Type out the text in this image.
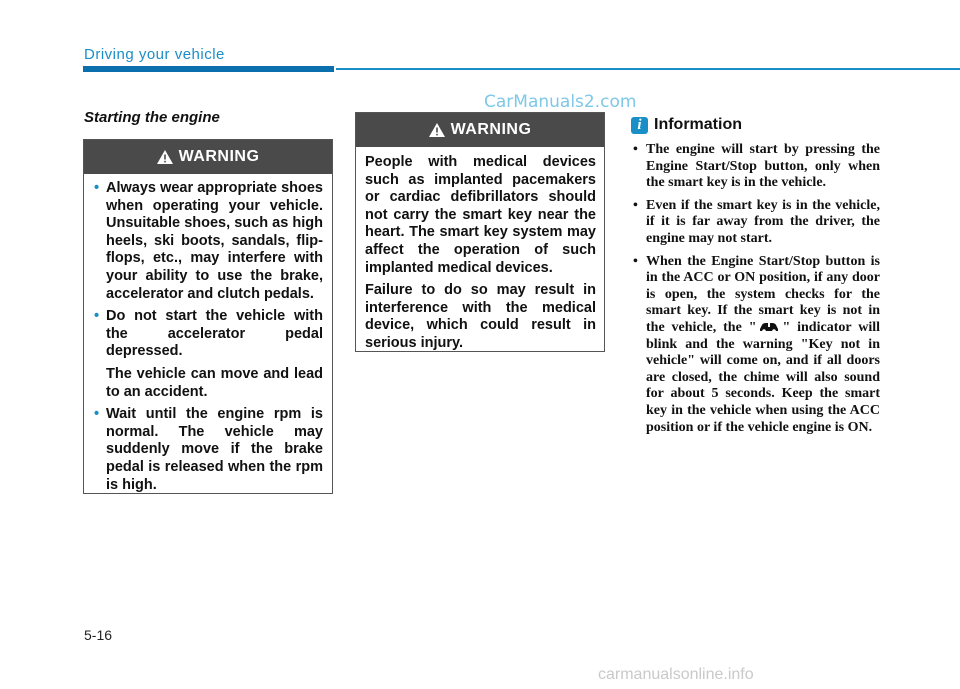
Driving your vehicle
CarManuals2.com
Starting the engine
WARNING
• Always wear appropriate shoes when operating your vehicle. Unsuitable shoes, such as high heels, ski boots, sandals, flip-flops, etc., may interfere with your ability to use the brake, accelerator and clutch pedals.
• Do not start the vehicle with the accelerator pedal depressed.
The vehicle can move and lead to an accident.
• Wait until the engine rpm is normal. The vehicle may suddenly move if the brake pedal is released when the rpm is high.
WARNING

People with medical devices such as implanted pacemakers or cardiac defibrillators should not carry the smart key near the heart. The smart key system may affect the operation of such implanted medical devices.

Failure to do so may result in interference with the medical device, which could result in serious injury.

i Information
• The engine will start by pressing the Engine Start/Stop button, only when the smart key is in the vehicle.
• Even if the smart key is in the vehicle, if it is far away from the driver, the engine may not start.
• When the Engine Start/Stop button is in the ACC or ON position, if any door is open, the system checks for the smart key. If the smart key is not in the vehicle, the " " indicator will blink and the warning "Key not in vehicle" will come on, and if all doors are closed, the chime will also sound for about 5 seconds. Keep the smart key in the vehicle when using the ACC position or if the vehicle engine is ON.
5-16
carmanualsonline.info
